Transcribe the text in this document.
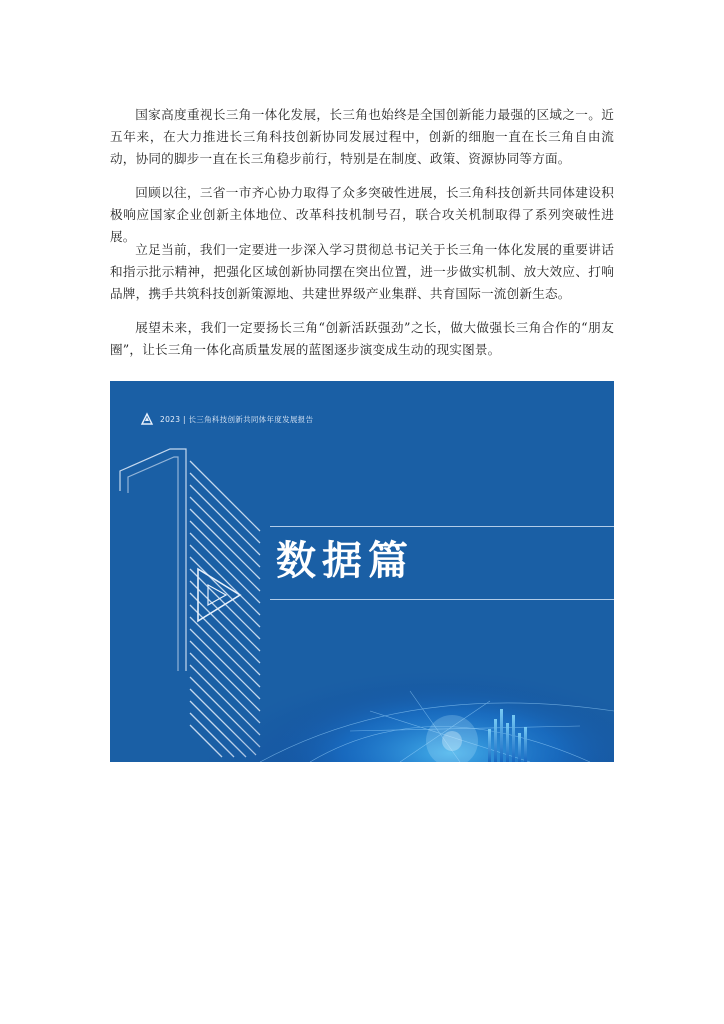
国家高度重视长三角一体化发展，长三角也始终是全国创新能力最强的区域之一。近五年来，在大力推进长三角科技创新协同发展过程中，创新的细胞一直在长三角自由流动，协同的脚步一直在长三角稳步前行，特别是在制度、政策、资源协同等方面。

回顾以往，三省一市齐心协力取得了众多突破性进展，长三角科技创新共同体建设积极响应国家企业创新主体地位、改革科技机制号召，联合攻关机制取得了系列突破性进展。

立足当前，我们一定要进一步深入学习贯彻总书记关于长三角一体化发展的重要讲话和指示批示精神，把强化区域创新协同摆在突出位置，进一步做实机制、放大效应、打响品牌，携手共筑科技创新策源地、共建世界级产业集群、共育国际一流创新生态。

展望未来，我们一定要扬长三角“创新活跃强劲”之长，做大做强长三角合作的“朋友圈”，让长三角一体化高质量发展的蓝图逐步演变成生动的现实图景。

2023 | 长三角科技创新共同体年度发展报告
数据篇
